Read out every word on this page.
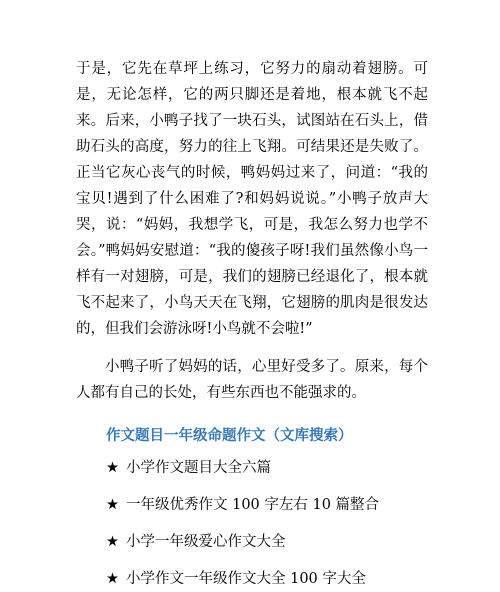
于是，它先在草坪上练习，它努力的扇动着翅膀。可是，无论怎样，它的两只脚还是着地，根本就飞不起来。后来，小鸭子找了一块石头，试图站在石头上，借助石头的高度，努力的往上飞翔。可结果还是失败了。正当它灰心丧气的时候，鸭妈妈过来了，问道：“我的宝贝!遇到了什么困难了?和妈妈说说。”小鸭子放声大哭，说：“妈妈，我想学飞，可是，我怎么努力也学不会。”鸭妈妈安慰道：“我的傻孩子呀!我们虽然像小鸟一样有一对翅膀，可是，我们的翅膀已经退化了，根本就飞不起来了，小鸟天天在飞翔，它翅膀的肌肉是很发达的，但我们会游泳呀!小鸟就不会啦!”

小鸭子听了妈妈的话，心里好受多了。原来，每个人都有自己的长处，有些东西也不能强求的。

作文题目一年级命题作文（文库搜索）
★ 小学作文题目大全六篇
★ 一年级优秀作文 100 字左右 10 篇整合
★ 小学一年级爱心作文大全
★ 小学作文一年级作文大全 100 字大全
